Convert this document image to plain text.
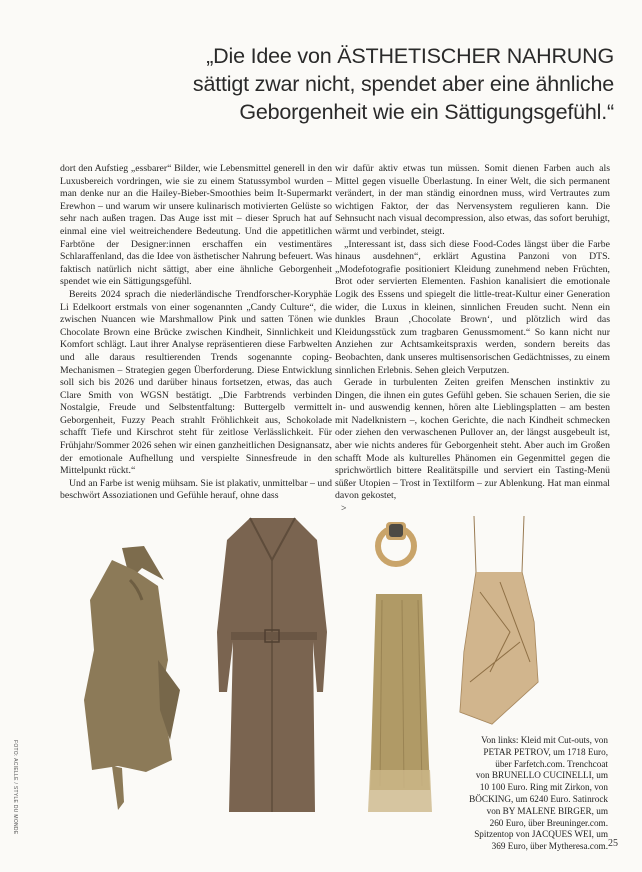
„Die Idee von ÄSTHETISCHER NAHRUNG
sättigt zwar nicht, spendet aber eine ähnliche
Geborgenheit wie ein Sättigungsgefühl.“

dort den Aufstieg „essbarer“ Bilder, wie Lebensmittel generell in den Luxusbereich vordringen, wie sie zu einem Statussymbol wurden – man denke nur an die Hailey-Bieber-Smoothies beim It-Supermarkt Erewhon – und warum wir unsere kulinarisch motivierten Gelüste so sehr nach außen tragen. Das Auge isst mit – dieser Spruch hat auf einmal eine viel weitreichendere Bedeutung. Und die appetitlichen Farbtöne der Designer:innen erschaffen ein vestimentäres Schlaraffenland, das die Idee von ästhetischer Nahrung befeuert. Was faktisch natürlich nicht sättigt, aber eine ähnliche Geborgenheit spendet wie ein Sättigungsgefühl.

Bereits 2024 sprach die niederländische Trendforscher-Koryphäe Li Edelkoort erstmals von einer sogenannten „Candy Culture“, die zwischen Nuancen wie Marshmallow Pink und satten Tönen wie Chocolate Brown eine Brücke zwischen Kindheit, Sinnlichkeit und Komfort schlägt. Laut ihrer Analyse repräsentieren diese Farbwelten und alle daraus resultierenden Trends sogenannte coping-Mechanismen – Strategien gegen Überforderung. Diese Entwicklung soll sich bis 2026 und darüber hinaus fortsetzen, etwas, das auch Clare Smith von WGSN bestätigt. „Die Farbtrends verbinden Nostalgie, Freude und Selbstentfaltung: Buttergelb vermittelt Geborgenheit, Fuzzy Peach strahlt Fröhlichkeit aus, Schokolade schafft Tiefe und Kirschrot steht für zeitlose Verlässlichkeit. Für Frühjahr/Sommer 2026 sehen wir einen ganzheitlichen Designansatz, der emotionale Aufhellung und verspielte Sinnesfreude in den Mittelpunkt rückt.“

Und an Farbe ist wenig mühsam. Sie ist plakativ, unmittelbar – und beschwört Assoziationen und Gefühle herauf, ohne dass

wir dafür aktiv etwas tun müssen. Somit dienen Farben auch als Mittel gegen visuelle Überlastung. In einer Welt, die sich permanent verändert, in der man ständig einordnen muss, wird Vertrautes zum wichtigen Faktor, der das Nervensystem regulieren kann. Die Sehnsucht nach visual decompression, also etwas, das sofort beruhigt, wärmt und verbindet, steigt.

„Interessant ist, dass sich diese Food-Codes längst über die Farbe hinaus ausdehnen“, erklärt Agustina Panzoni von DTS. „Modefotografie positioniert Kleidung zunehmend neben Früchten, Brot oder servierten Elementen. Fashion kanalisiert die emotionale Logik des Essens und spiegelt die little-treat-Kultur einer Generation wider, die Luxus in kleinen, sinnlichen Freuden sucht. Nenn ein dunkles Braun ‚Chocolate Brown‘, und plötzlich wird das Kleidungsstück zum tragbaren Genussmoment.“ So kann nicht nur Anziehen zur Achtsamkeitspraxis werden, sondern bereits das Beobachten, dank unseres multisensorischen Gedächtnisses, zu einem sinnlichen Erlebnis. Sehen gleich Verputzen.

Gerade in turbulenten Zeiten greifen Menschen instinktiv zu Dingen, die ihnen ein gutes Gefühl geben. Sie schauen Serien, die sie in- und auswendig kennen, hören alte Lieblingsplatten – am besten mit Nadelknistern –, kochen Gerichte, die nach Kindheit schmecken oder ziehen den verwaschenen Pullover an, der längst ausgebeult ist, aber wie nichts anderes für Geborgenheit steht. Aber auch im Großen schafft Mode als kulturelles Phänomen ein Gegenmittel gegen die sprichwörtlich bittere Realitätspille und serviert ein Tasting-Menü süßer Utopien – Trost in Textilform – zur Ablenkung. Hat man einmal davon gekostet,

>
Von links: Kleid mit Cut-outs, von
PETAR PETROV, um 1718 Euro,
über Farfetch.com. Trenchcoat
von BRUNELLO CUCINELLI, um
10 100 Euro. Ring mit Zirkon, von
BÖCKING, um 6240 Euro. Satinrock
von BY MALENE BIRGER, um
260 Euro, über Breuninger.com.
Spitzentop von JACQUES WEI, um
369 Euro, über Mytheresa.com.
FOTO: ACIELLE / STYLE DU MONDE
25
